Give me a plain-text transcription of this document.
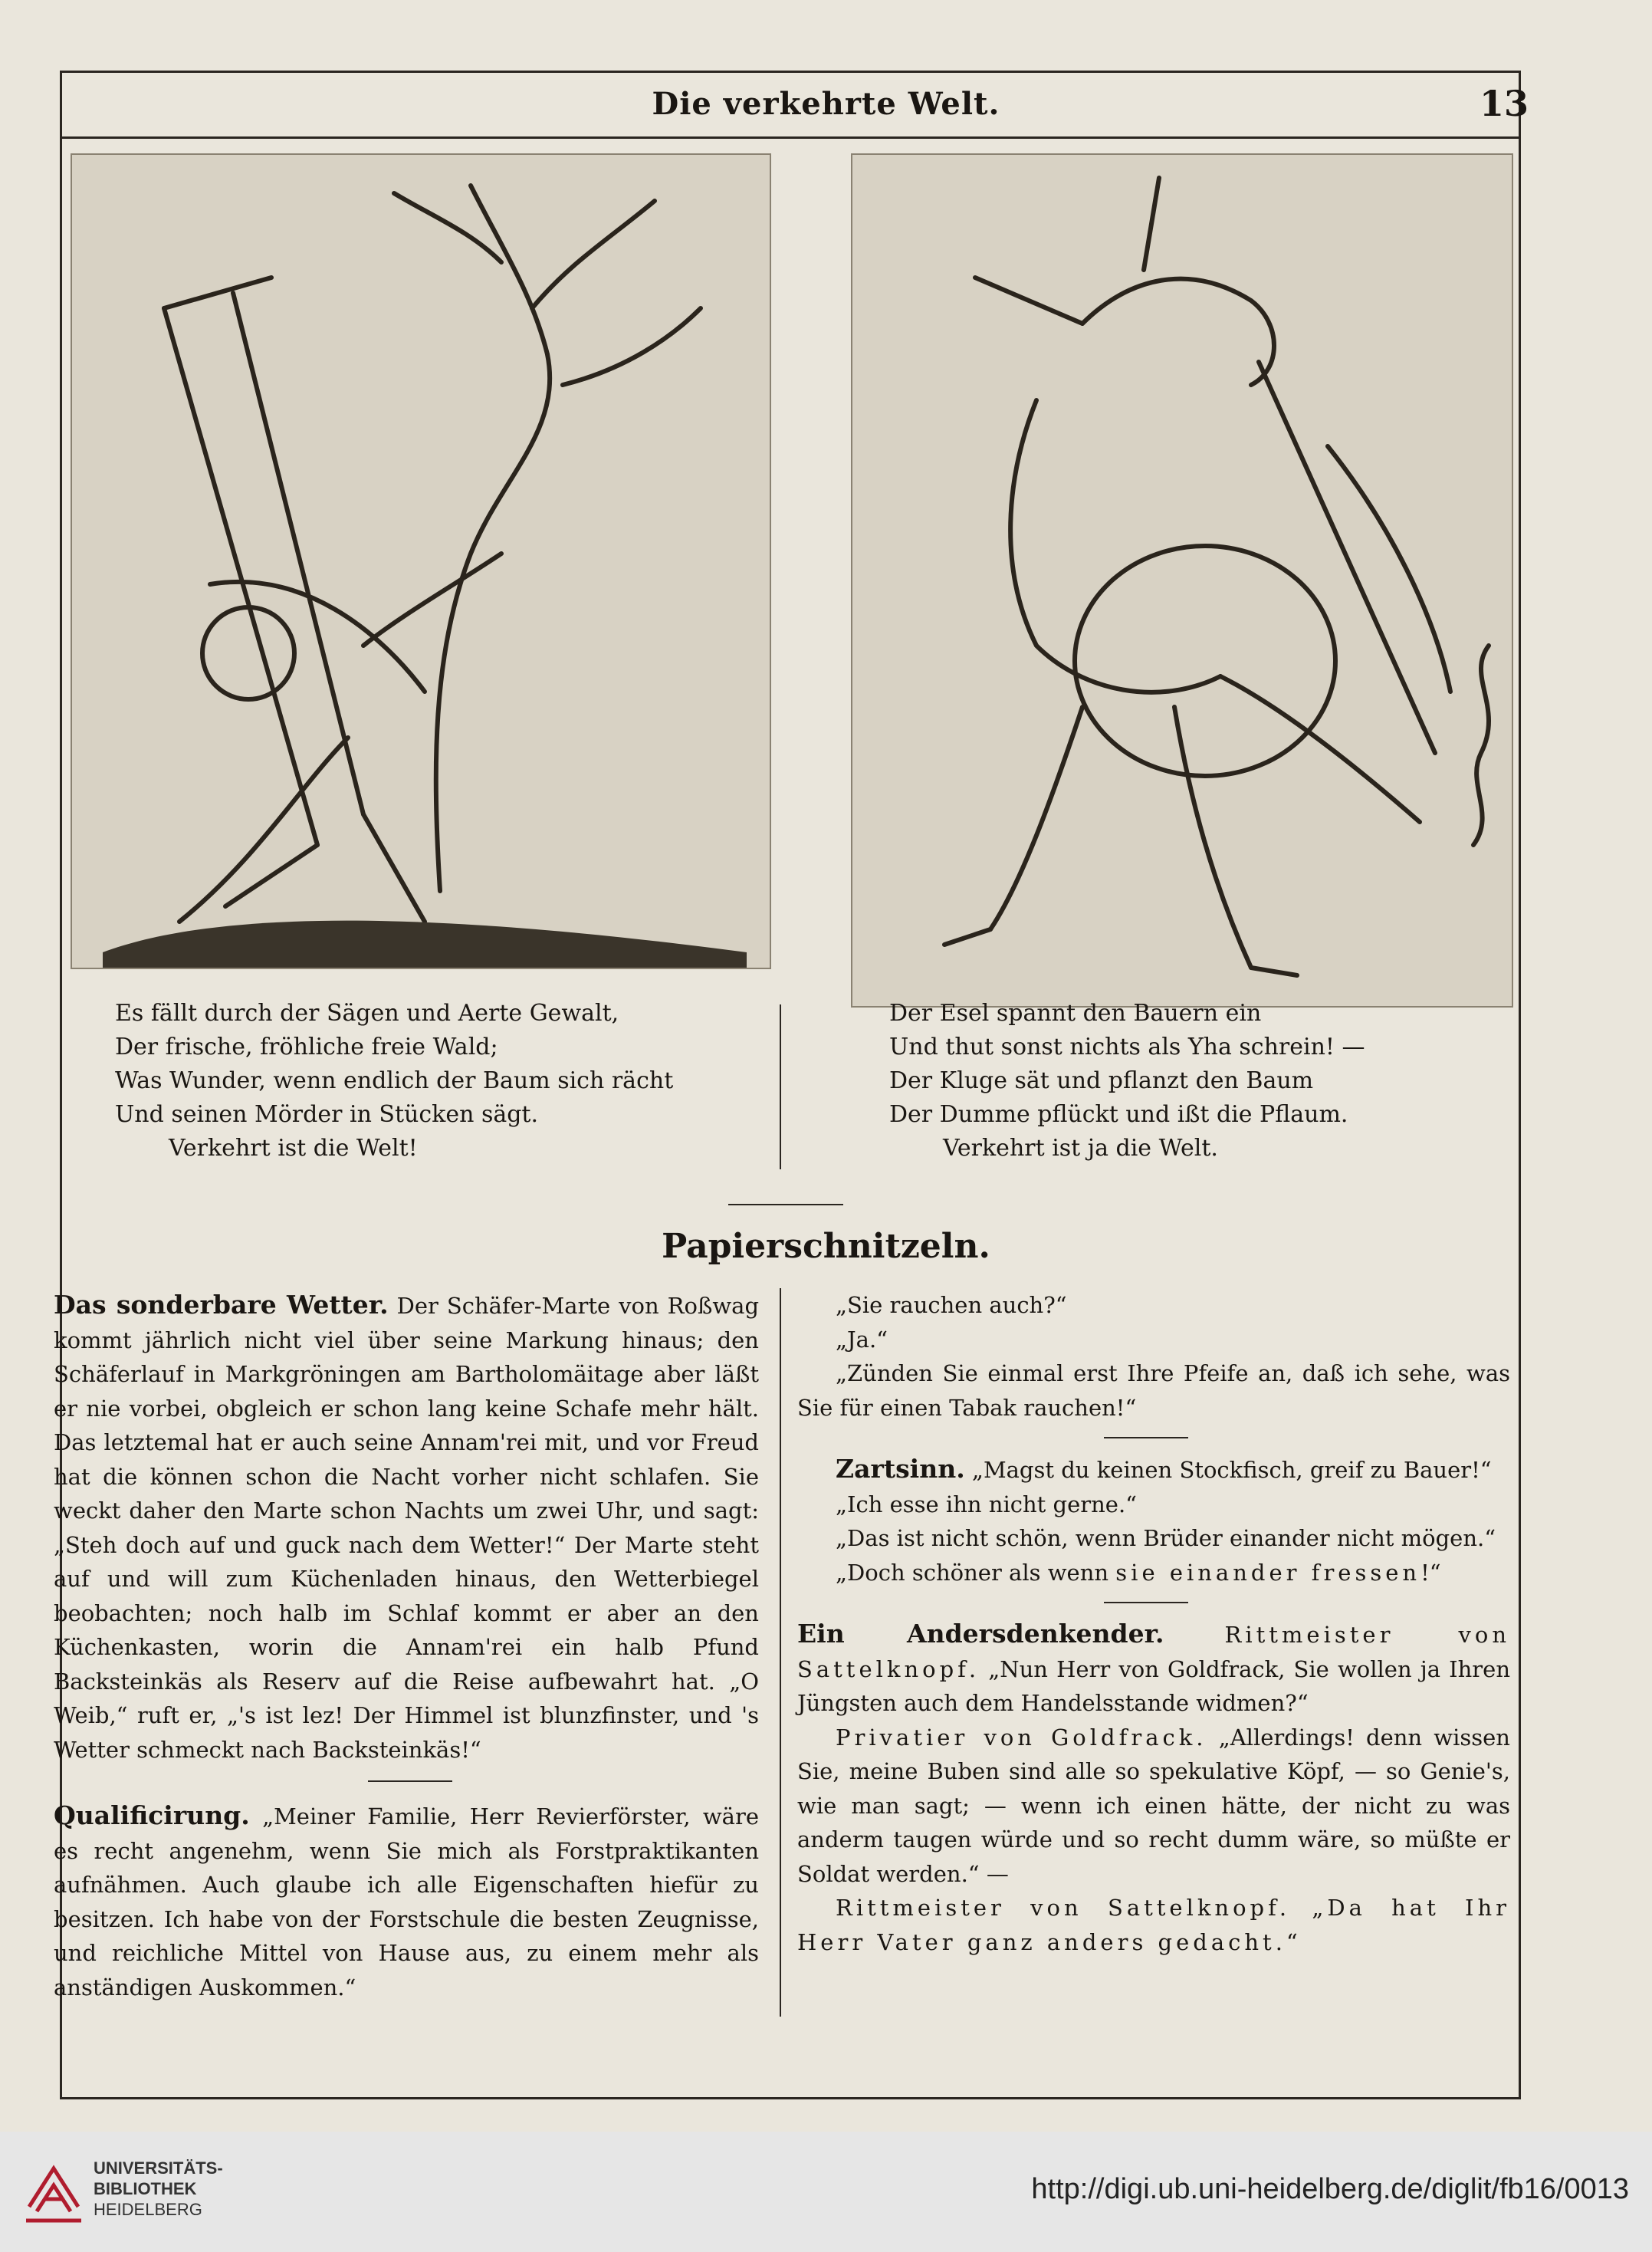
Die verkehrte Welt.	13
Es fällt durch der Sägen und Aerte Gewalt,
Der frische, fröhliche freie Wald;
Was Wunder, wenn endlich der Baum sich rächt
Und seinen Mörder in Stücken sägt.
Verkehrt ist die Welt!
Der Esel spannt den Bauern ein
Und thut sonst nichts als Yha schrein! —
Der Kluge sät und pflanzt den Baum
Der Dumme pflückt und ißt die Pflaum.
Verkehrt ist ja die Welt.
Papierschnitzeln.

Das sonderbare Wetter. Der Schäfer-Marte von Roßwag kommt jährlich nicht viel über seine Markung hinaus; den Schäferlauf in Markgröningen am Bartholomäitage aber läßt er nie vorbei, obgleich er schon lang keine Schafe mehr hält. Das letztemal hat er auch seine Annam'rei mit, und vor Freud hat die können schon die Nacht vorher nicht schlafen. Sie weckt daher den Marte schon Nachts um zwei Uhr, und sagt: „Steh doch auf und guck nach dem Wetter!“ Der Marte steht auf und will zum Küchenladen hinaus, den Wetterbiegel beobachten; noch halb im Schlaf kommt er aber an den Küchenkasten, worin die Annam'rei ein halb Pfund Backsteinkäs als Reserv auf die Reise aufbewahrt hat. „O Weib,“ ruft er, „'s ist lez! Der Himmel ist blunzfinster, und 's Wetter schmeckt nach Backsteinkäs!“

Qualificirung. „Meiner Familie, Herr Revierförster, wäre es recht angenehm, wenn Sie mich als Forstpraktikanten aufnähmen. Auch glaube ich alle Eigenschaften hiefür zu besitzen. Ich habe von der Forstschule die besten Zeugnisse, und reichliche Mittel von Hause aus, zu einem mehr als anständigen Auskommen.“

„Sie rauchen auch?“

„Ja.“

„Zünden Sie einmal erst Ihre Pfeife an, daß ich sehe, was Sie für einen Tabak rauchen!“

Zartsinn. „Magst du keinen Stockfisch, greif zu Bauer!“

„Ich esse ihn nicht gerne.“

„Das ist nicht schön, wenn Brüder einander nicht mögen.“

„Doch schöner als wenn sie einander fressen!“

Ein Andersdenkender.	Rittmeister von Sattelknopf. „Nun Herr von Goldfrack, Sie wollen ja Ihren Jüngsten auch dem Handelsstande widmen?“

Privatier von Goldfrack. „Allerdings! denn wissen Sie, meine Buben sind alle so spekulative Köpf, — so Genie's, wie man sagt; — wenn ich einen hätte, der nicht zu was anderm taugen würde und so recht dumm wäre, so müßte er Soldat werden.“ —

Rittmeister von Sattelknopf. „Da hat Ihr Herr Vater ganz anders gedacht.“

UNIVERSITÄTS-
BIBLIOTHEK
HEIDELBERG
http://digi.ub.uni-heidelberg.de/diglit/fb16/0013
